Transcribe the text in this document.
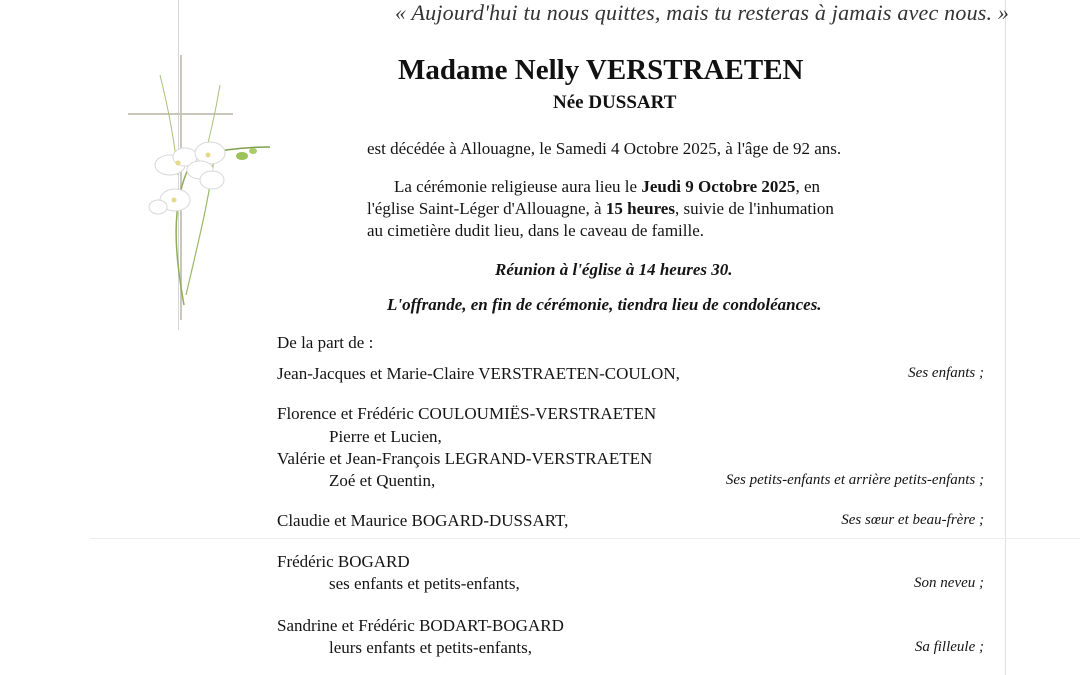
« Aujourd'hui tu nous quittes, mais tu resteras à jamais avec nous. »
Madame Nelly VERSTRAETEN
Née DUSSART
est décédée à Allouagne, le Samedi 4 Octobre 2025, à l'âge de 92 ans.
La cérémonie religieuse aura lieu le Jeudi 9 Octobre 2025, en
l'église Saint-Léger d'Allouagne, à 15 heures, suivie de l'inhumation
au cimetière dudit lieu, dans le caveau de famille.
Réunion à l'église à 14 heures 30.
L'offrande, en fin de cérémonie, tiendra lieu de condoléances.
De la part de :
Jean-Jacques et Marie-Claire VERSTRAETEN-COULON,	Ses enfants ;
Florence et Frédéric COULOUMIËS-VERSTRAETEN
Pierre et Lucien,
Valérie et Jean-François LEGRAND-VERSTRAETEN
Zoé et Quentin,	Ses petits-enfants et arrière petits-enfants ;
Claudie et Maurice BOGARD-DUSSART,	Ses sœur et beau-frère ;
Frédéric BOGARD
ses enfants et petits-enfants,	Son neveu ;
Sandrine et Frédéric BODART-BOGARD
leurs enfants et petits-enfants,	Sa filleule ;
